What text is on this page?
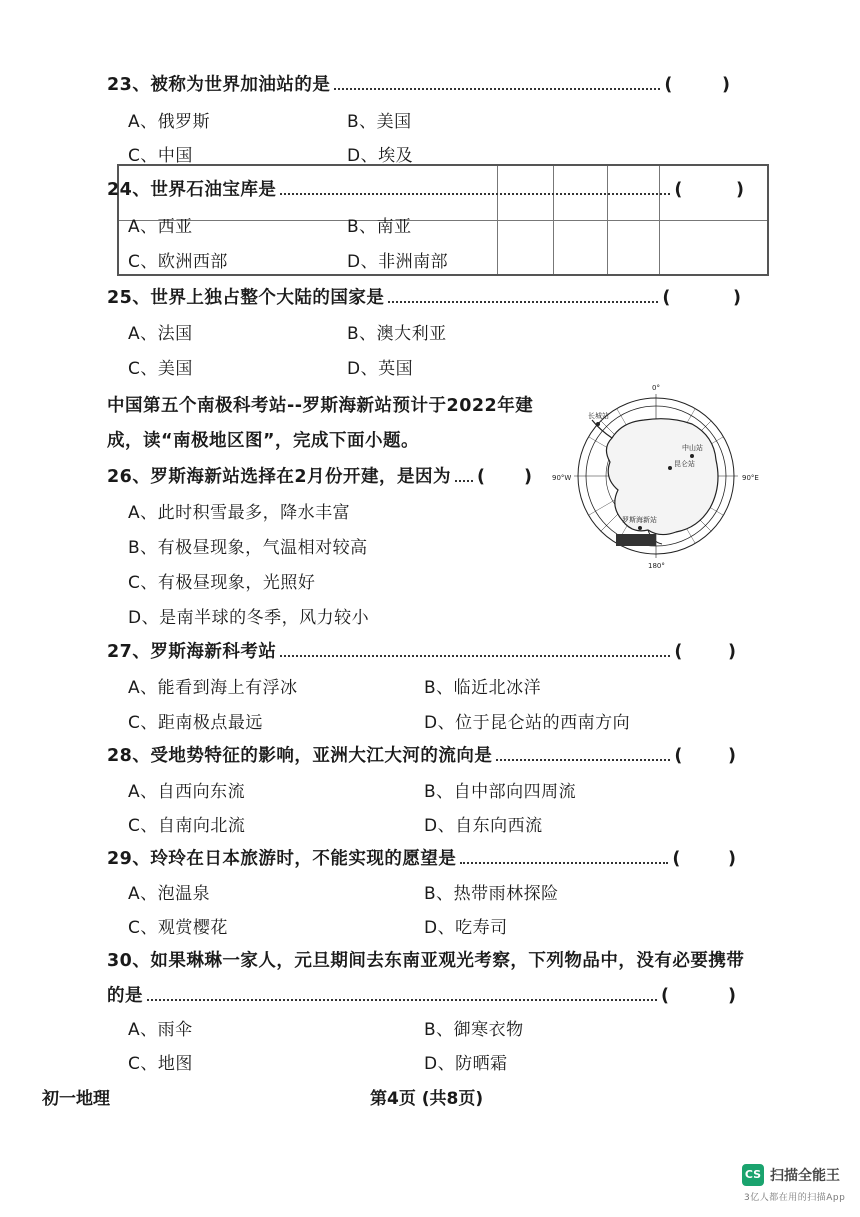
23、被称为世界加油站的是	(	)
A、俄罗斯	B、美国
C、中国	D、埃及
24、世界石油宝库是	(	)
A、西亚	B、南亚
C、欧洲西部	D、非洲南部
25、世界上独占整个大陆的国家是	(	)
A、法国	B、澳大利亚
C、美国	D、英国
中国第五个南极科考站--罗斯海新站预计于2022年建
成，读“南极地区图”，完成下面小题。
0°
90°W	90°E
180°
长城站
中山站
昆仑站
罗斯海新站
26、罗斯海新站选择在2月份开建，是因为 ( )
A、此时积雪最多，降水丰富
B、有极昼现象，气温相对较高
C、有极昼现象，光照好
D、是南半球的冬季，风力较小
27、罗斯海新科考站	(	)
A、能看到海上有浮冰	B、临近北冰洋
C、距南极点最远	D、位于昆仑站的西南方向
28、受地势特征的影响，亚洲大江大河的流向是	(	)
A、自西向东流	B、自中部向四周流
C、自南向北流	D、自东向西流
29、玲玲在日本旅游时，不能实现的愿望是	(	)
A、泡温泉	B、热带雨林探险
C、观赏樱花	D、吃寿司
30、如果琳琳一家人，元旦期间去东南亚观光考察，下列物品中，没有必要携带
的是	(	)
A、雨伞	B、御寒衣物
C、地图	D、防晒霜
初一地理	第4页 (共8页)
CS 扫描全能王
3亿人都在用的扫描App
